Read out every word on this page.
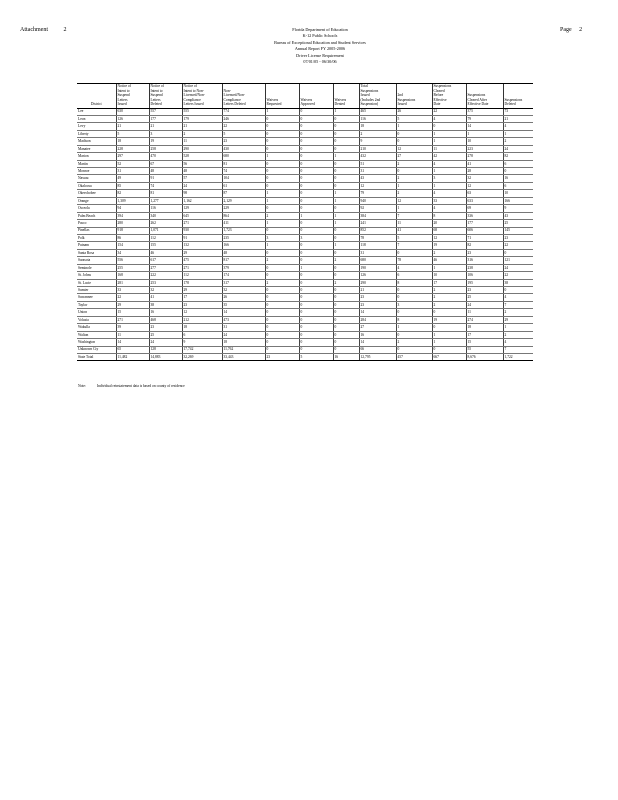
Attachment	2	Page 2
Florida Department of Education
K-12 Public Schools
Bureau of Exceptional Education and Student Services
Annual Report FY 2005-2006
Driver License Requirement
07/01/05 - 06/30/06
District	Notice of
Intent to
Suspend
Letters
Issued	Notice of
Intent to
Suspend
Letters
Deleted	Notice of
Intent to Non-
Licensed/Non-
Compliance
Letters Issued	Non-
Licensed/Non-
Compliance
Letters Deleted	Waivers
Requested	Waivers
Approved	Waivers
Denied	Total
Suspensions
Issued
(Includes 2nd
Suspension)	2nd
Suspensions
Issued	Suspensions
Cleared
Before
Effective
Date	Suspensions
Cleared After
Effective Date	Suspensions
Deleted

Lee	630	557	555	774	1	0	1	465	26	22	375	73
Leon	126	177	179	246	0	0	0	116	5	4	79	21
Levy	21	21	21	22	0	0	0	18	1	0	14	4
Liberty	5	3	2	5	0	0	0	2	0	1	1	1
Madison	18	19	11	23	0	0	0	9	0	1	10	2
Manatee	228	258	290	430	0	0	0	210	12	11	223	24
Marion	297	470	528	680	1	0	1	432	27	42	278	82
Martin	52	67	56	81	0	0	0	51	2	4	41	6
Monroe	31	48	48	74	0	0	0	31	0	1	28	0
Nassau	49	91	57	104	0	0	0	43	2	3	32	16
Okaloosa	85	74	24	61	0	0	0	12	1	1	12	6
Okeechobee	82	81	98	87	1	0	1	79	2	4	63	10
Orange	1,309	1,277	1,162	2,129	1	0	1	940	12	33	633	166
Osceola	94	116	129	229	0	0	0	92	1	4	69	9
Palm Beach	394	340	645	864	2	1	1	384	7	8	336	43
Pasco	280	262	271	411	1	0	1	241	11	20	177	25
Pinellas	918	1,071	930	1,723	0	0	0	852	41	68	606	145
Polk	86	112	91	235	3	3	0	78	5	12	71	23
Putnam	154	155	132	166	1	0	1	118	7	19	82	22
Santa Rosa	34	46	29	48	0	0	0	31	0	2	23	0
Sarasota	556	617	475	817	2	0	2	680	78	46	316	121
Seminole	255	277	271	379	0	1	0	190	4	1	238	24
St. Johns	168	222	112	174	0	0	0	126	6	10	106	22
St. Lucie	281	253	178	317	2	0	2	290	8	17	195	38
Sumter	33	32	29	32	0	0	0	21	0	2	23	0
Suwannee	22	41	17	26	0	0	0	23	0	2	25	4
Taylor	29	38	23	35	0	0	0	23	3	2	24	7
Union	15	16	12	14	0	0	0	14	0	0	11	2
Volusia	271	468	212	473	0	0	0	284	8	19	274	29
Wakulla	39	23	18	31	0	0	0	27	1	0	18	1
Walton	11	25	6	24	0	0	0	16	0	1	17	2
Washington	14	24	9	18	0	0	0	14	2	1	15	4
Unknown Cty	65	128	17,742	11,762	0	0	0	66	0	0	55	7
State Total	11,482	14,883	32,269	33,443	23	5	16	12,795	457	667	8,676	1,722
Note:	Individual reinstatement data is based on county of residence
